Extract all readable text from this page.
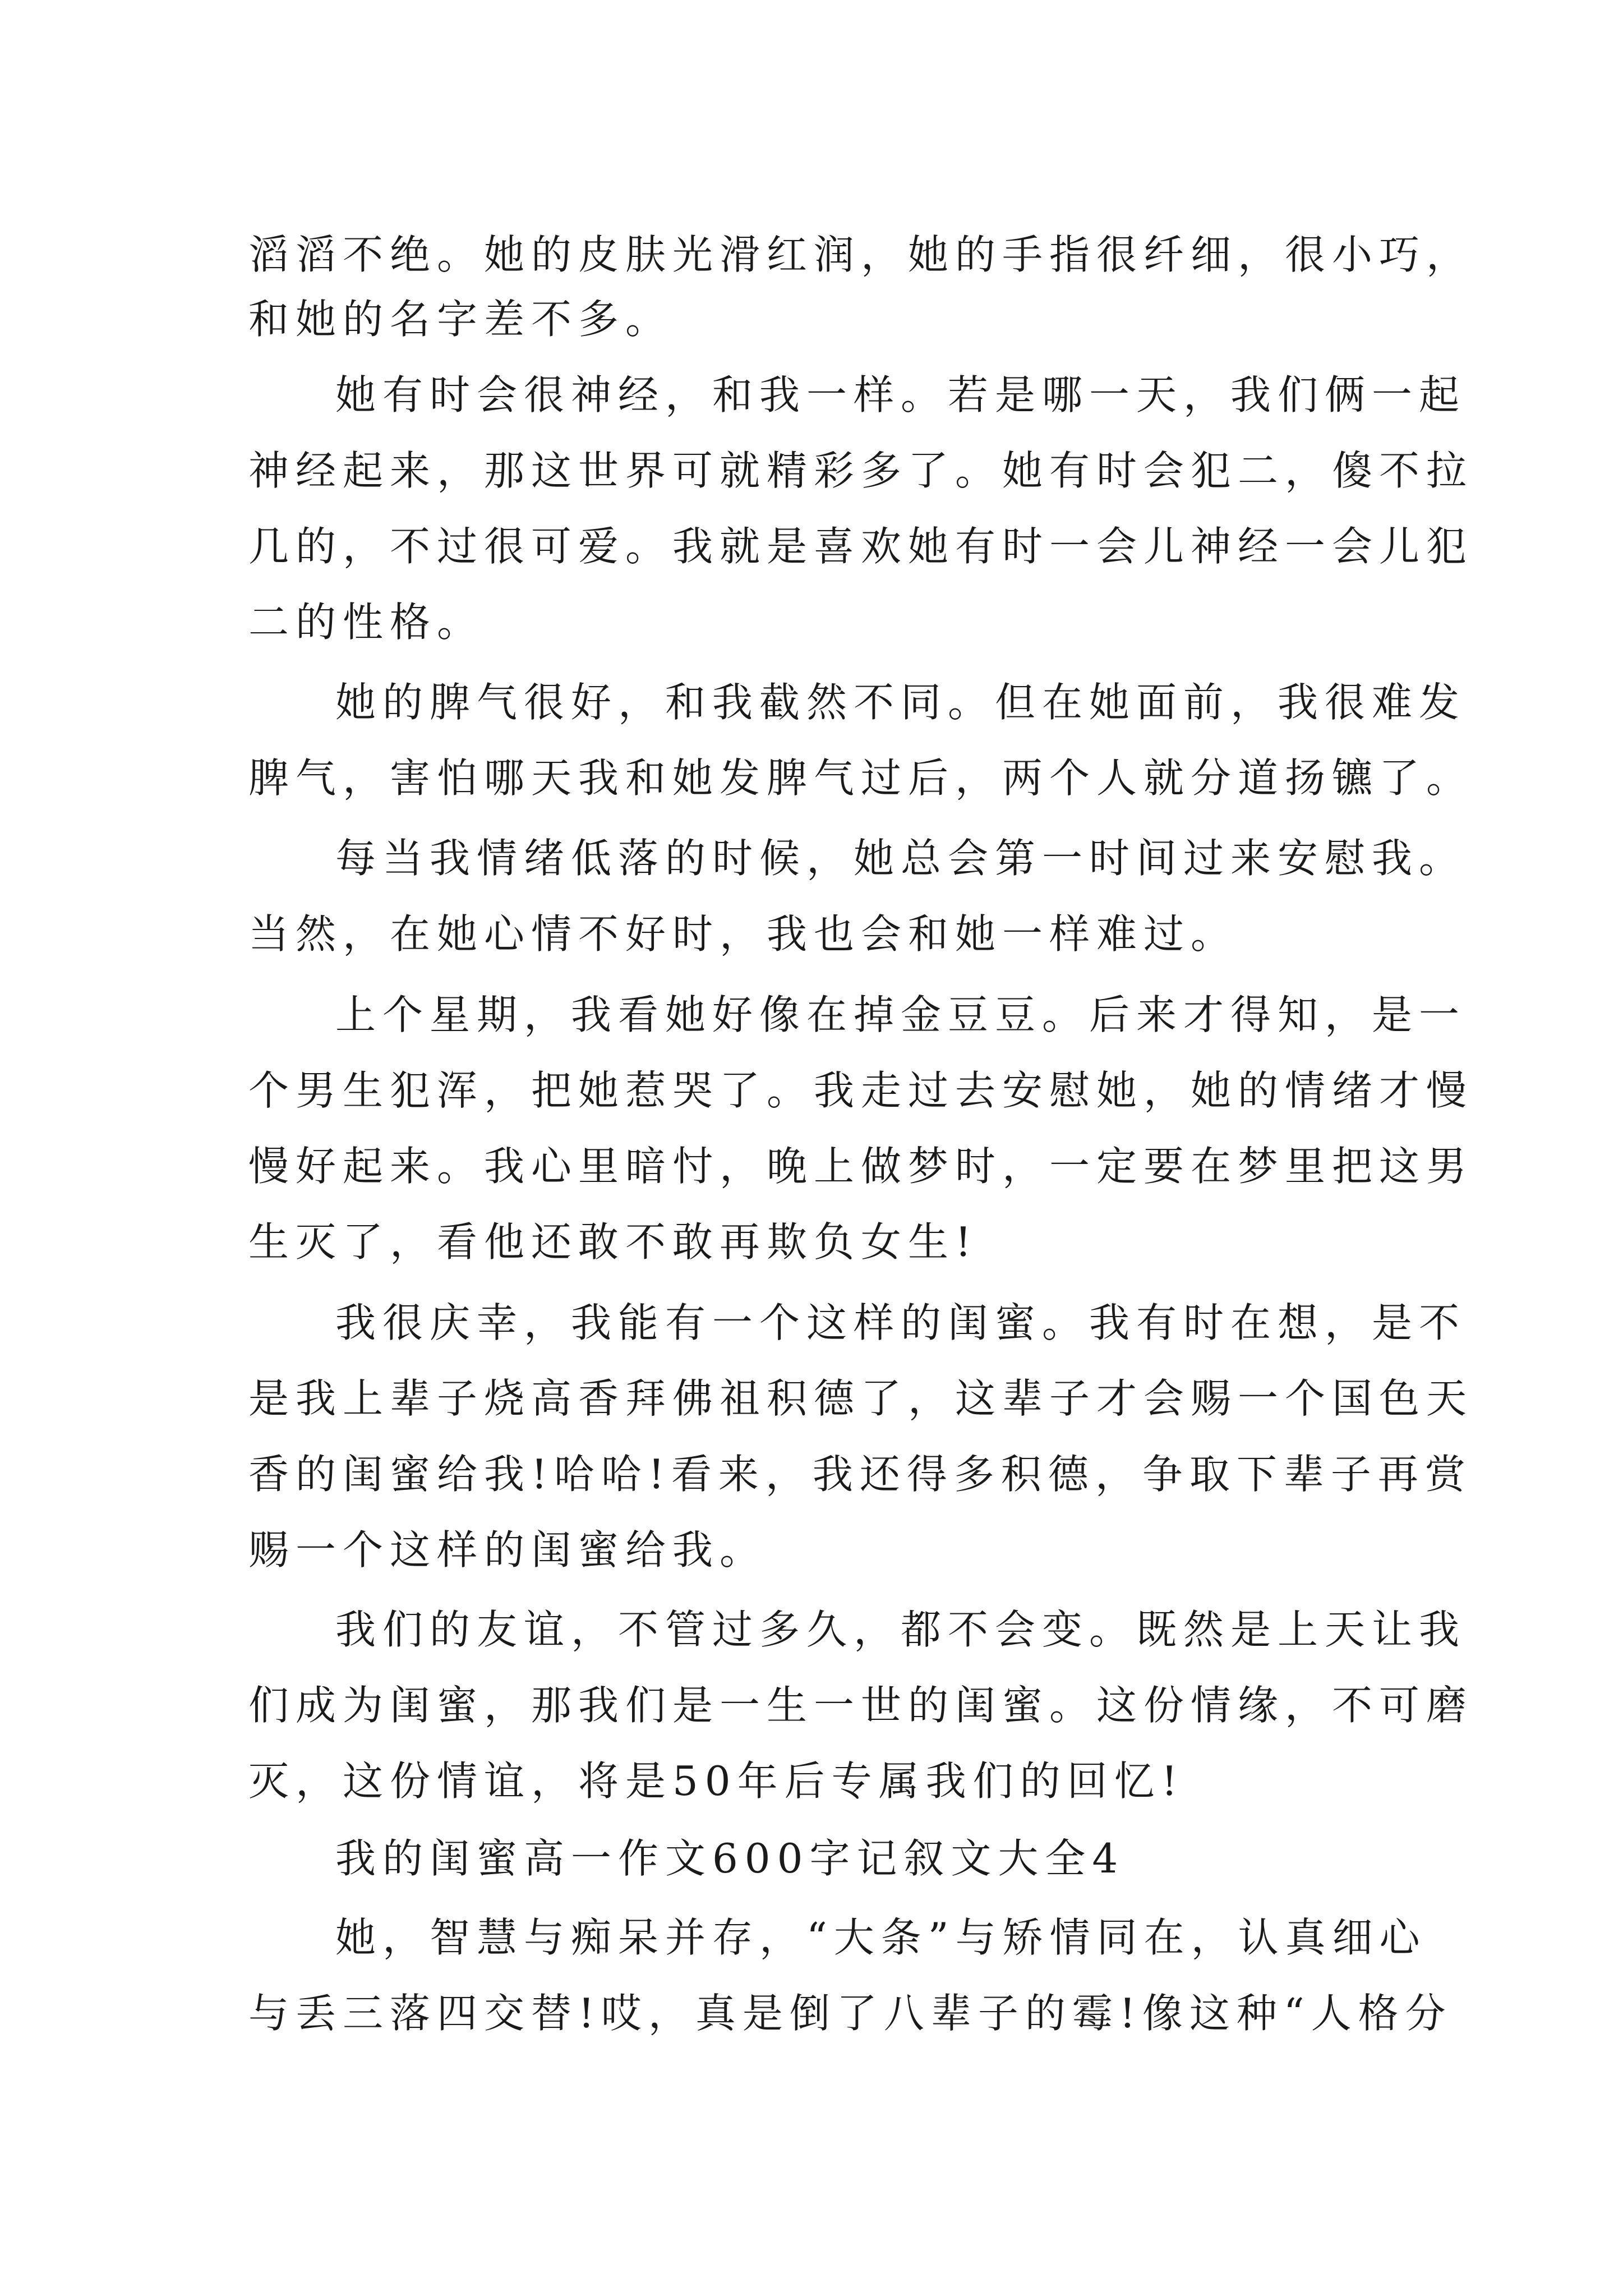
滔滔不绝。她的皮肤光滑红润，她的手指很纤细，很小巧，
和她的名字差不多。
她有时会很神经，和我一样。若是哪一天，我们俩一起
神经起来，那这世界可就精彩多了。她有时会犯二，傻不拉
几的，不过很可爱。我就是喜欢她有时一会儿神经一会儿犯
二的性格。
她的脾气很好，和我截然不同。但在她面前，我很难发
脾气，害怕哪天我和她发脾气过后，两个人就分道扬镳了。
每当我情绪低落的时候，她总会第一时间过来安慰我。
当然，在她心情不好时，我也会和她一样难过。
上个星期，我看她好像在掉金豆豆。后来才得知，是一
个男生犯浑，把她惹哭了。我走过去安慰她，她的情绪才慢
慢好起来。我心里暗忖，晚上做梦时，一定要在梦里把这男
生灭了，看他还敢不敢再欺负女生!
我很庆幸，我能有一个这样的闺蜜。我有时在想，是不
是我上辈子烧高香拜佛祖积德了，这辈子才会赐一个国色天
香的闺蜜给我!哈哈!看来，我还得多积德，争取下辈子再赏
赐一个这样的闺蜜给我。
我们的友谊，不管过多久，都不会变。既然是上天让我
们成为闺蜜，那我们是一生一世的闺蜜。这份情缘，不可磨
灭，这份情谊，将是50年后专属我们的回忆!
我的闺蜜高一作文600字记叙文大全4
她，智慧与痴呆并存，“大条”与矫情同在，认真细心
与丢三落四交替!哎，真是倒了八辈子的霉!像这种“人格分
